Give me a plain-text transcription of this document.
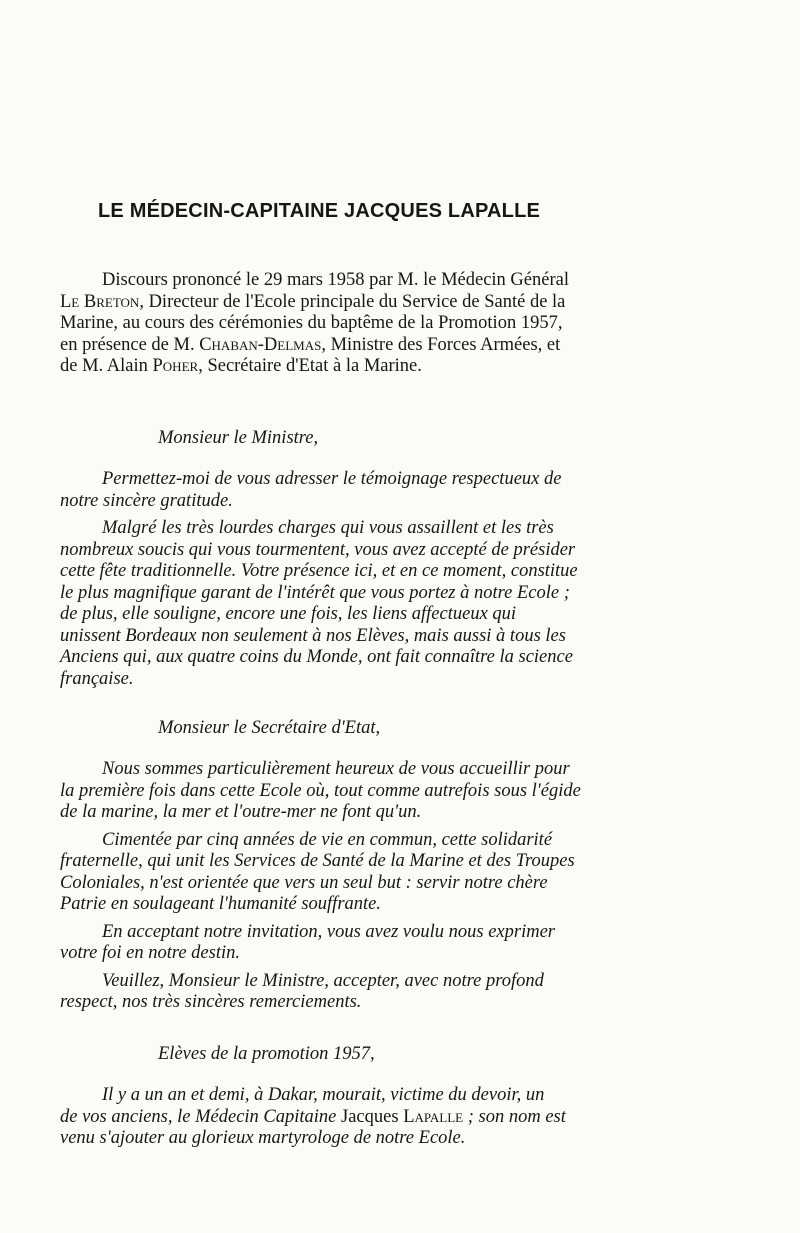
LE MÉDECIN-CAPITAINE JACQUES LAPALLE
Discours prononcé le 29 mars 1958 par M. le Médecin Général
Le Breton, Directeur de l'Ecole principale du Service de Santé de la
Marine, au cours des cérémonies du baptême de la Promotion 1957,
en présence de M. Chaban-Delmas, Ministre des Forces Armées, et
de M. Alain Poher, Secrétaire d'Etat à la Marine.

Monsieur le Ministre,

Permettez-moi de vous adresser le témoignage respectueux de
notre sincère gratitude.

Malgré les très lourdes charges qui vous assaillent et les très
nombreux soucis qui vous tourmentent, vous avez accepté de présider
cette fête traditionnelle. Votre présence ici, et en ce moment, constitue
le plus magnifique garant de l'intérêt que vous portez à notre Ecole ;
de plus, elle souligne, encore une fois, les liens affectueux qui
unissent Bordeaux non seulement à nos Elèves, mais aussi à tous les
Anciens qui, aux quatre coins du Monde, ont fait connaître la science
française.

Monsieur le Secrétaire d'Etat,

Nous sommes particulièrement heureux de vous accueillir pour
la première fois dans cette Ecole où, tout comme autrefois sous l'égide
de la marine, la mer et l'outre-mer ne font qu'un.

Cimentée par cinq années de vie en commun, cette solidarité
fraternelle, qui unit les Services de Santé de la Marine et des Troupes
Coloniales, n'est orientée que vers un seul but : servir notre chère
Patrie en soulageant l'humanité souffrante.

En acceptant notre invitation, vous avez voulu nous exprimer
votre foi en notre destin.

Veuillez, Monsieur le Ministre, accepter, avec notre profond
respect, nos très sincères remerciements.

Elèves de la promotion 1957,

Il y a un an et demi, à Dakar, mourait, victime du devoir, un
de vos anciens, le Médecin Capitaine Jacques Lapalle ; son nom est
venu s'ajouter au glorieux martyrologe de notre Ecole.
